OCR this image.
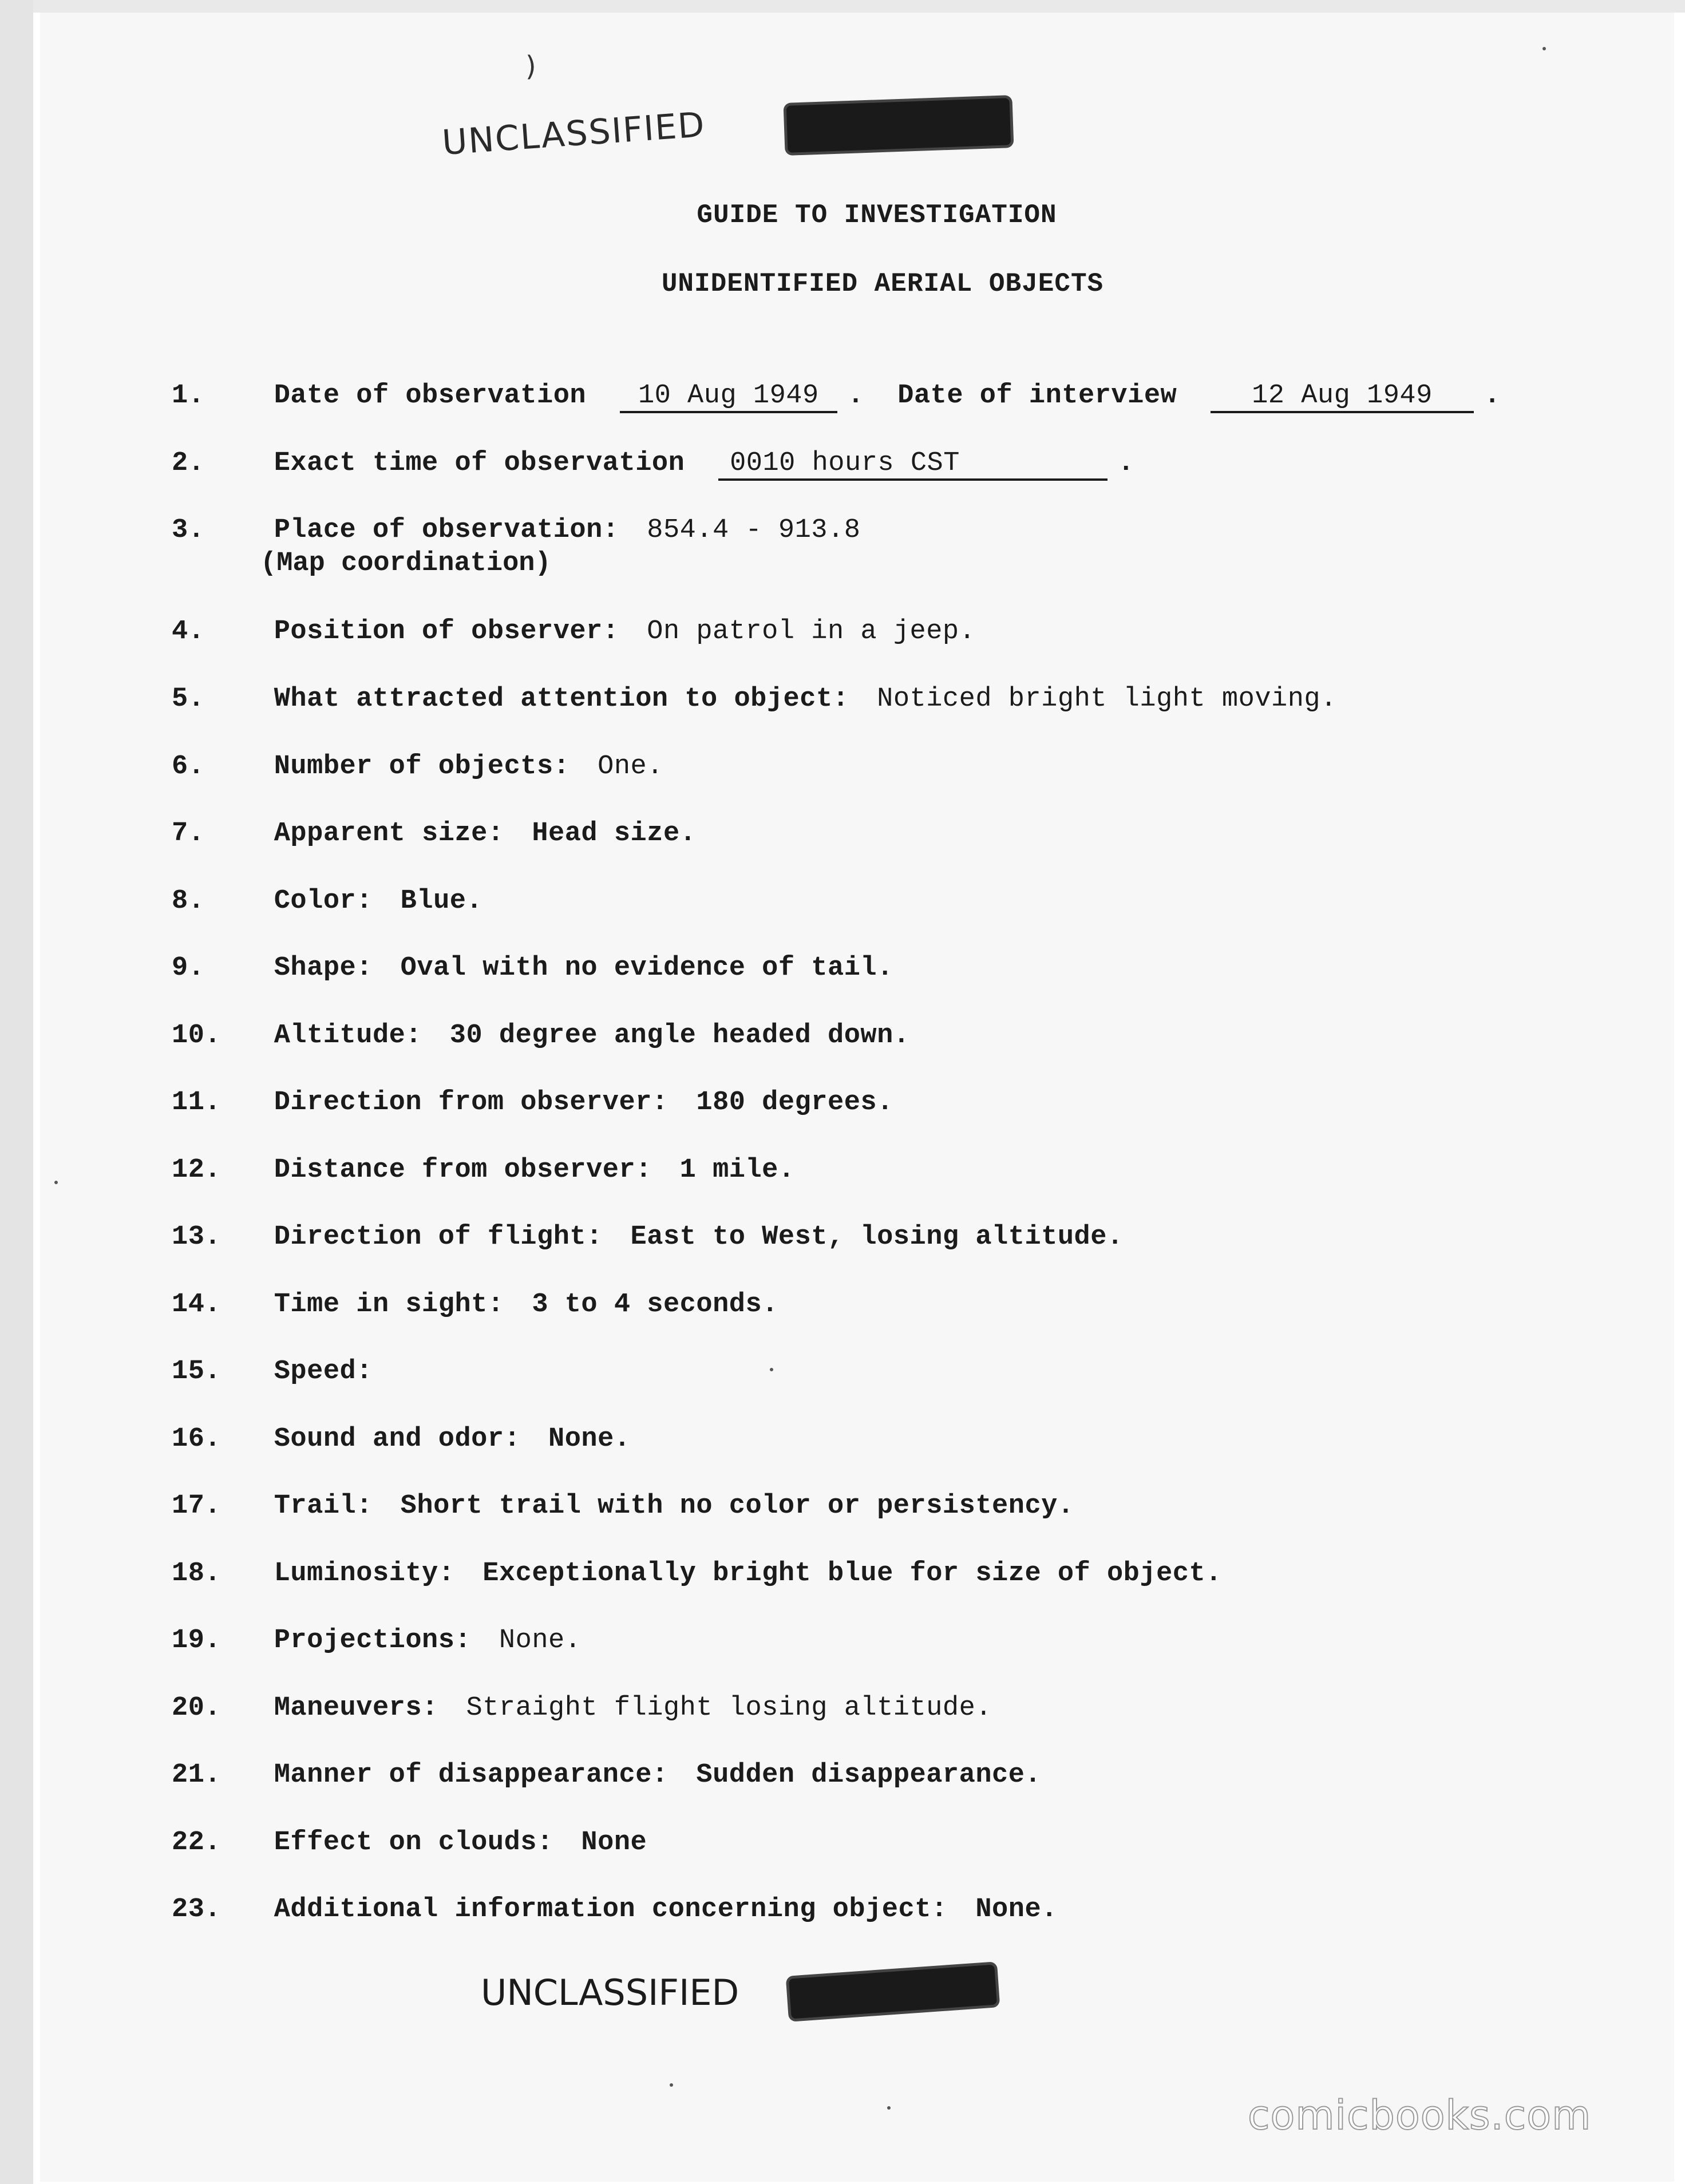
)
UNCLASSIFIED
GUIDE TO INVESTIGATION
UNIDENTIFIED AERIAL OBJECTS
1.	Date of observation 10 Aug 1949 . Date of interview	12 Aug 1949 .
2.	Exact time of observation 0010 hours CST	.
3.	Place of observation: 854.4 - 913.8
(Map coordination)
4.	Position of observer: On patrol in a jeep.
5.	What attracted attention to object: Noticed bright light moving.
6.	Number of objects: One.
7.	Apparent size: Head size.
8.	Color: Blue.
9.	Shape: Oval with no evidence of tail.
10. Altitude: 30 degree angle headed down.
11. Direction from observer: 180 degrees.
12. Distance from observer: 1 mile.
13. Direction of flight: East to West, losing altitude.
14. Time in sight: 3 to 4 seconds.
15. Speed:
16. Sound and odor: None.
17. Trail: Short trail with no color or persistency.
18. Luminosity: Exceptionally bright blue for size of object.
19. Projections: None.
20. Maneuvers: Straight flight losing altitude.
21. Manner of disappearance: Sudden disappearance.
22. Effect on clouds: None
23. Additional information concerning object: None.
UNCLASSIFIED
comicbooks.com
